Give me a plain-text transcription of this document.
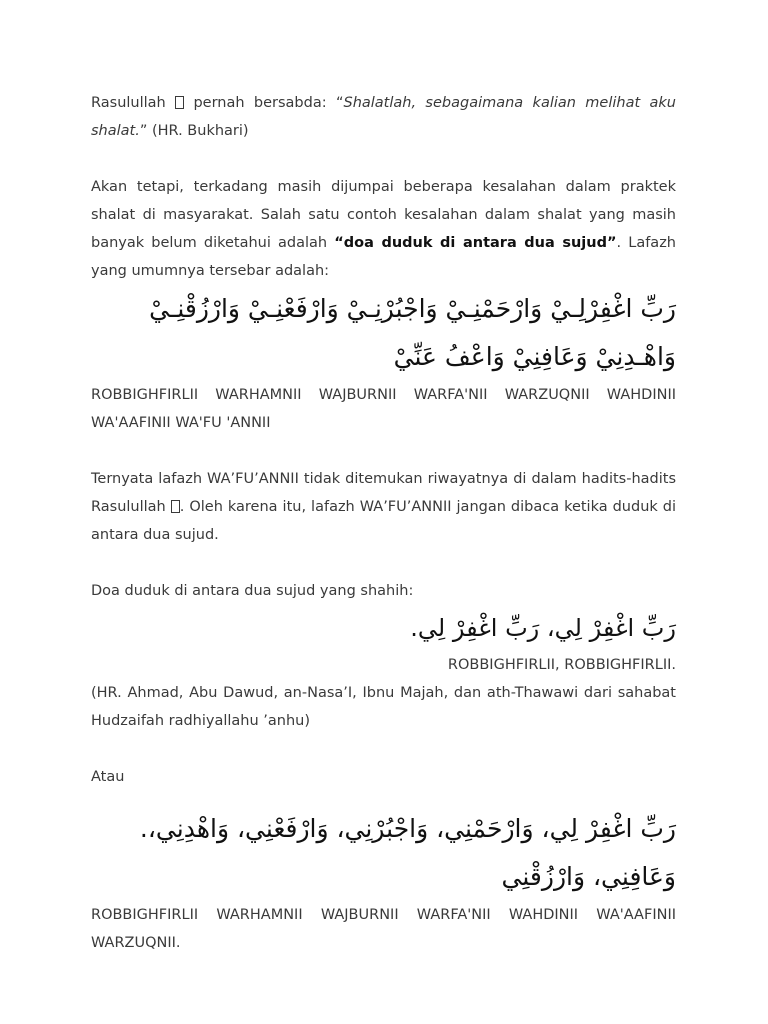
Rasulullah  pernah bersabda: “Shalatlah, sebagaimana kalian melihat aku shalat.” (HR. Bukhari)

Akan tetapi, terkadang masih dijumpai beberapa kesalahan dalam praktek shalat di masyarakat. Salah satu contoh kesalahan dalam shalat yang masih banyak belum diketahui adalah “doa duduk di antara dua sujud”. Lafazh yang umumnya tersebar adalah:

رَبِّ اغْفِرْلِـيْ وَارْحَمْنِـيْ وَاجْبُرْنِـيْ وَارْفَعْنِـيْ وَارْزُقْنِـيْ وَاهْـدِنِيْ وَعَافِنِيْ وَاعْفُ عَنِّيْ

ROBBIGHFIRLII WARHAMNII WAJBURNII WARFA'NII WARZUQNII WAHDINII WA'AAFINII WA'FU 'ANNII

Ternyata lafazh WA’FU’ANNII tidak ditemukan riwayatnya di dalam hadits-hadits Rasulullah . Oleh karena itu, lafazh WA’FU’ANNII jangan dibaca ketika duduk di antara dua sujud.

Doa duduk di antara dua sujud yang shahih:

رَبِّ اغْفِرْ لِي، رَبِّ اغْفِرْ لِي.

ROBBIGHFIRLII, ROBBIGHFIRLII.

(HR. Ahmad, Abu Dawud, an-Nasa’I, Ibnu Majah, dan ath-Thawawi dari sahabat Hudzaifah radhiyallahu ’anhu)

Atau

رَبِّ اغْفِرْ لِي، وَارْحَمْنِي، وَاجْبُرْنِي، وَارْفَعْنِي، وَاهْدِنِي،. وَعَافِنِي، وَارْزُقْنِي

ROBBIGHFIRLII WARHAMNII WAJBURNII WARFA'NII WAHDINII WA'AAFINII WARZUQNII.
